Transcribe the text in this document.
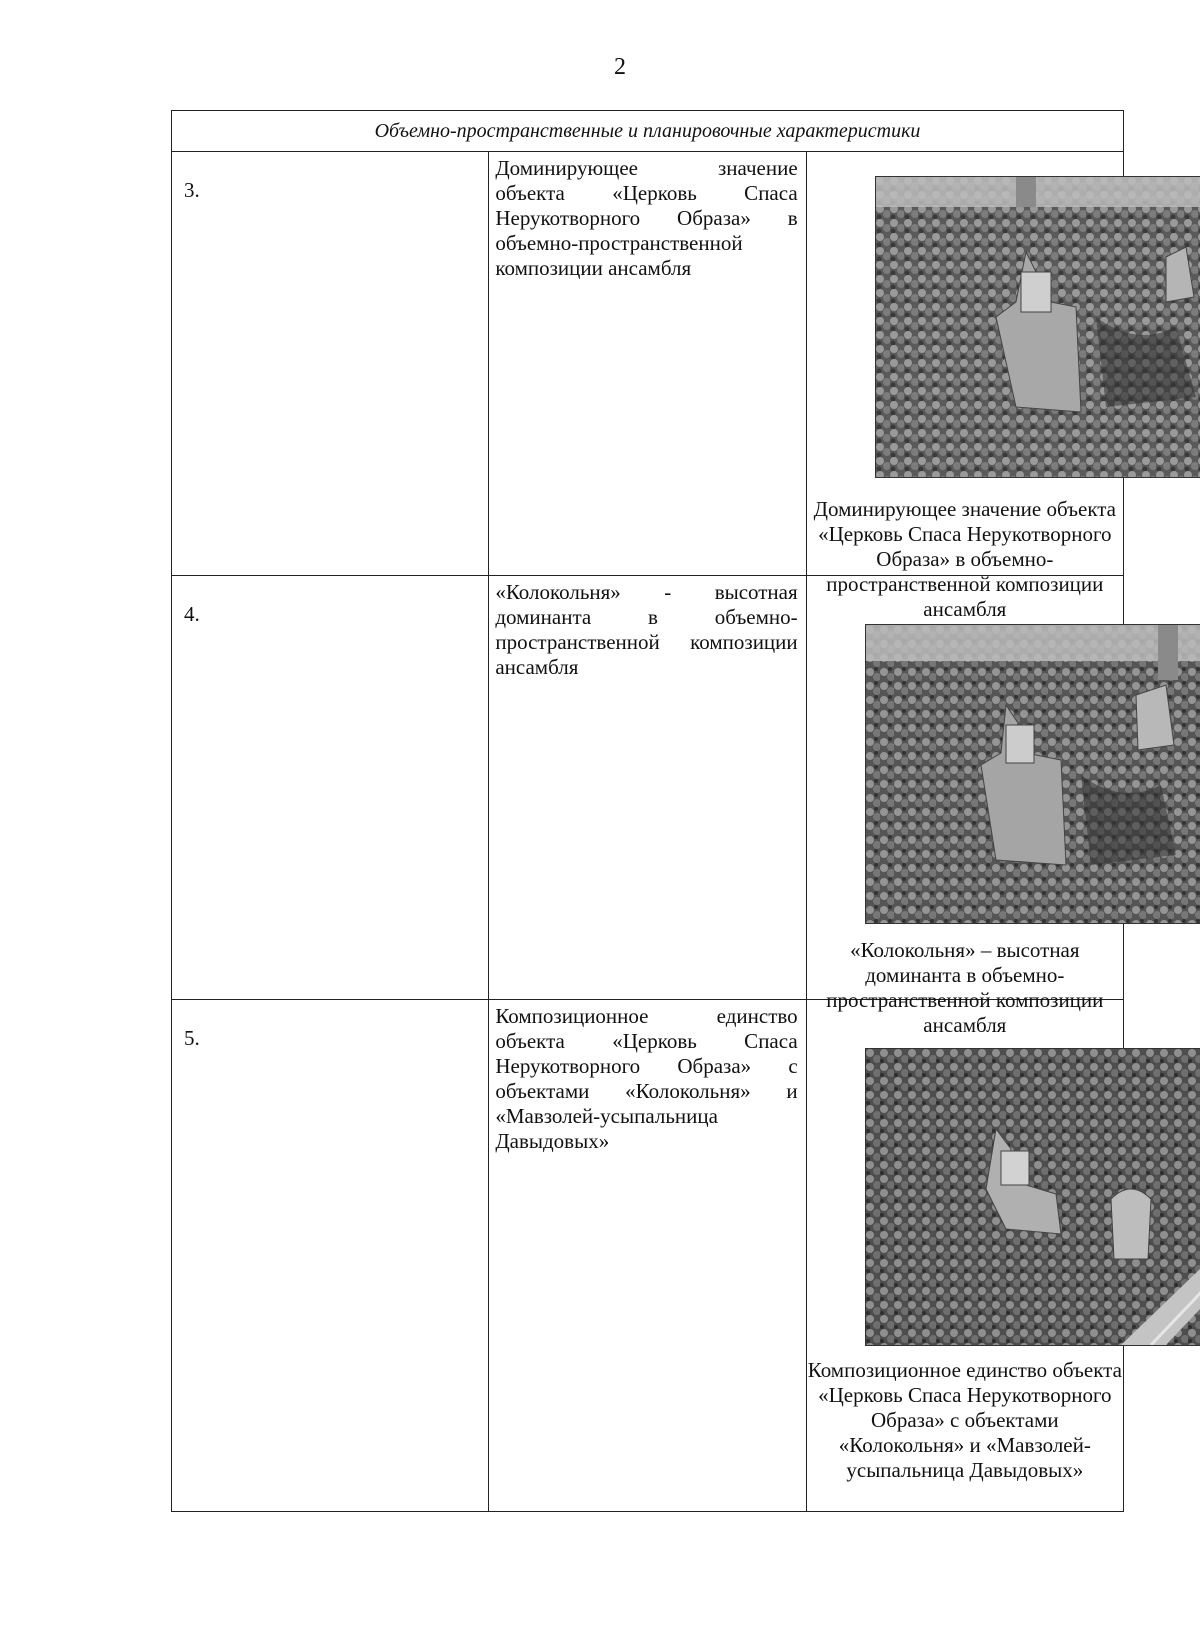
2
Объемно-пространственные и планировочные характеристики		
3.	Доминирующее значение объекта «Церковь Спаса Нерукотворного Образа» в объемно-пространственной композиции ансамбля	Доминирующее значение объекта «Церковь Спаса Нерукотворного Образа» в объемно-пространственной композиции ансамбля

4.	«Колокольня» - высотная доминанта в объемно-пространственной композиции ансамбля	«Колокольня» – высотная доминанта в объемно-пространственной композиции ансамбля

5.	Композиционное единство объекта «Церковь Спаса Нерукотворного Образа» с объектами «Колокольня» и «Мавзолей-усыпальница Давыдовых»	Композиционное единство объекта «Церковь Спаса Нерукотворного Образа» с объектами «Колокольня» и «Мавзолей-усыпальница Давыдовых»
